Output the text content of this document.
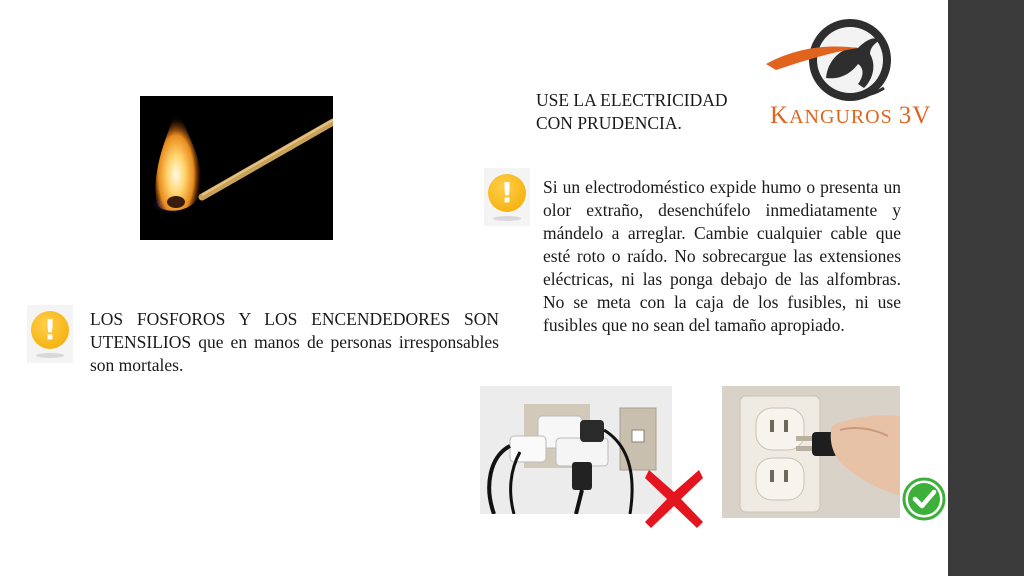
!	LOS FOSFOROS Y LOS ENCENDEDORES SON UTENSILIOS que en manos de personas irresponsables son mortales.
USE LA ELECTRICIDAD CON PRUDENCIA.
!	Si un electrodoméstico expide humo o presenta un olor extraño, desenchúfelo inmediatamente y mándelo a arreglar. Cambie cualquier cable que esté roto o raído. No sobrecargue las extensiones eléctricas, ni las ponga debajo de las alfombras. No se meta con la caja de los fusibles, ni use fusibles que no sean del tamaño apropiado.
KANGUROS 3V
